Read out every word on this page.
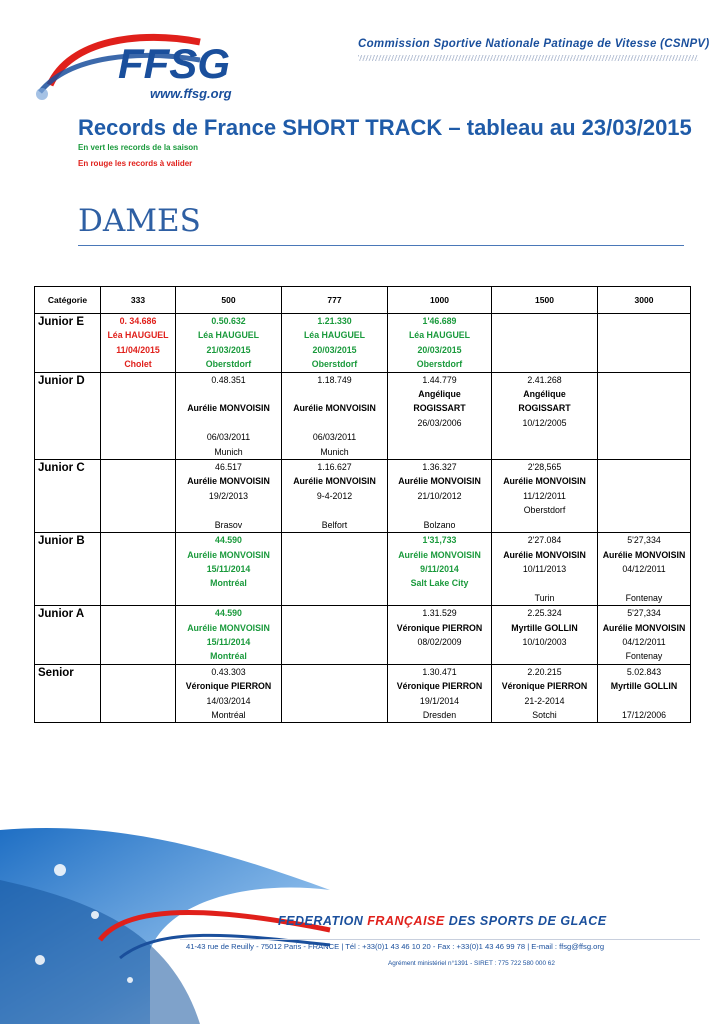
FFSG
www.ffsg.org
Commission Sportive Nationale Patinage de Vitesse (CSNPV)
Records de France SHORT TRACK – tableau au 23/03/2015
En vert les records de la saison
En rouge les records à valider
DAMES
Catégorie	333	500	777	1000	1500	3000
Junior E	0. 34.686
Léa HAUGUEL
11/04/2015
Cholet	0.50.632
Léa HAUGUEL
21/03/2015
Oberstdorf	1.21.330
Léa HAUGUEL
20/03/2015
Oberstdorf	1'46.689
Léa HAUGUEL
20/03/2015
Oberstdorf		

Junior D		0.48.351

Aurélie MONVOISIN

06/03/2011
Munich	1.18.749

Aurélie MONVOISIN

06/03/2011
Munich	1.44.779
Angélique
ROGISSART
26/03/2006	2.41.268
Angélique
ROGISSART
10/12/2005	

Junior C		46.517
Aurélie MONVOISIN
19/2/2013

Brasov	1.16.627
Aurélie MONVOISIN
9-4-2012

Belfort	1.36.327
Aurélie MONVOISIN
21/10/2012

Bolzano	2'28,565
Aurélie MONVOISIN
11/12/2011
Oberstdorf	

Junior B		44.590
Aurélie MONVOISIN
15/11/2014
Montréal		1'31,733
Aurélie MONVOISIN
9/11/2014
Salt Lake City	2'27.084
Aurélie MONVOISIN
10/11/2013

Turin	5'27,334
Aurélie MONVOISIN
04/12/2011

Fontenay

Junior A		44.590
Aurélie MONVOISIN
15/11/2014
Montréal		1.31.529
Véronique PIERRON
08/02/2009	2.25.324
Myrtille GOLLIN
10/10/2003	5'27,334
Aurélie MONVOISIN
04/12/2011
Fontenay

Senior		0.43.303
Véronique PIERRON
14/03/2014
Montréal		1.30.471
Véronique PIERRON
19/1/2014
Dresden	2.20.215
Véronique PIERRON
21-2-2014
Sotchi	5.02.843
Myrtille GOLLIN

17/12/2006
FEDERATION FRANÇAISE DES SPORTS DE GLACE
41-43 rue de Reuilly - 75012 Paris - FRANCE | Tél : +33(0)1 43 46 10 20 - Fax : +33(0)1 43 46 99 78 | E-mail : ffsg@ffsg.org
Agrément ministériel n°1391 - SIRET : 775 722 580 000 62
